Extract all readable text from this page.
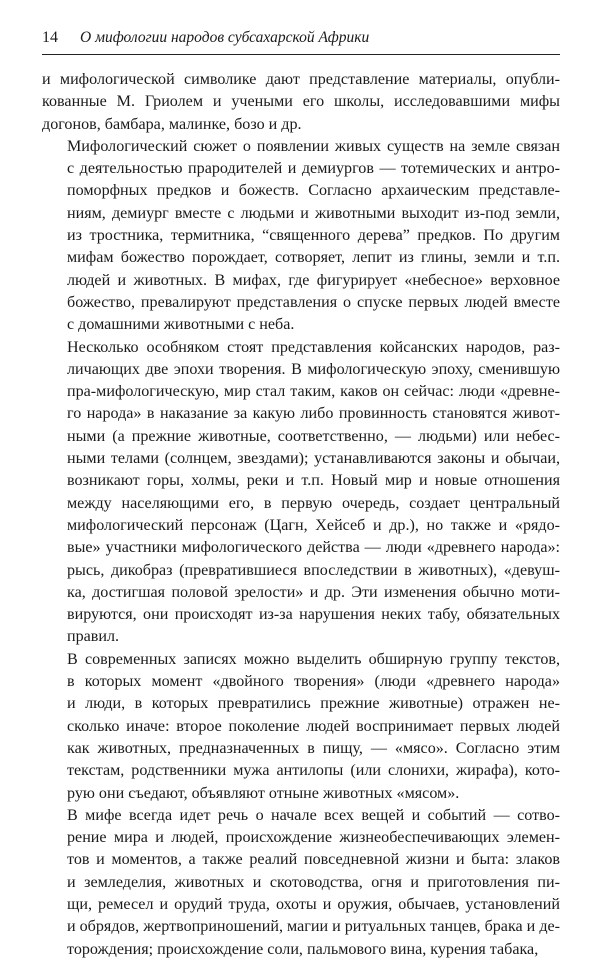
14 О мифологии народов субсахарской Африки

и мифологической символике дают представление материалы, опубли-
кованные М. Гриолем и учеными его школы, исследовавшими мифы
догонов, бамбара, малинке, бозо и др.

Мифологический сюжет о появлении живых существ на земле связан
с деятельностью прародителей и демиургов — тотемических и антро-
поморфных предков и божеств. Согласно архаическим представле-
ниям, демиург вместе с людьми и животными выходит из-под земли,
из тростника, термитника, “священного дерева” предков. По другим
мифам божество порождает, сотворяет, лепит из глины, земли и т.п.
людей и животных. В мифах, где фигурирует «небесное» верховное
божество, превалируют представления о спуске первых людей вместе
с домашними животными с неба.

Несколько особняком стоят представления койсанских народов, раз-
личающих две эпохи творения. В мифологическую эпоху, сменившую
пра-мифологическую, мир стал таким, каков он сейчас: люди «древне-
го народа» в наказание за какую либо провинность становятся живот-
ными (а прежние животные, соответственно, — людьми) или небес-
ными телами (солнцем, звездами); устанавливаются законы и обычаи,
возникают горы, холмы, реки и т.п. Новый мир и новые отношения
между населяющими его, в первую очередь, создает центральный
мифологический персонаж (Цагн, Хейсеб и др.), но также и «рядо-
вые» участники мифологического действа — люди «древнего народа»:
рысь, дикобраз (превратившиеся впоследствии в животных), «девуш-
ка, достигшая половой зрелости» и др. Эти изменения обычно моти-
вируются, они происходят из-за нарушения неких табу, обязательных
правил.

В современных записях можно выделить обширную группу текстов,
в которых момент «двойного творения» (люди «древнего народа»
и люди, в которых превратились прежние животные) отражен не-
сколько иначе: второе поколение людей воспринимает первых людей
как животных, предназначенных в пищу, — «мясо». Согласно этим
текстам, родственники мужа антилопы (или слонихи, жирафа), кото-
рую они съедают, объявляют отныне животных «мясом».

В мифе всегда идет речь о начале всех вещей и событий — сотво-
рение мира и людей, происхождение жизнеобеспечивающих элемен-
тов и моментов, а также реалий повседневной жизни и быта: злаков
и земледелия, животных и скотоводства, огня и приготовления пи-
щи, ремесел и орудий труда, охоты и оружия, обычаев, установлений
и обрядов, жертвоприношений, магии и ритуальных танцев, брака и де-
торождения; происхождение соли, пальмового вина, курения табака,
